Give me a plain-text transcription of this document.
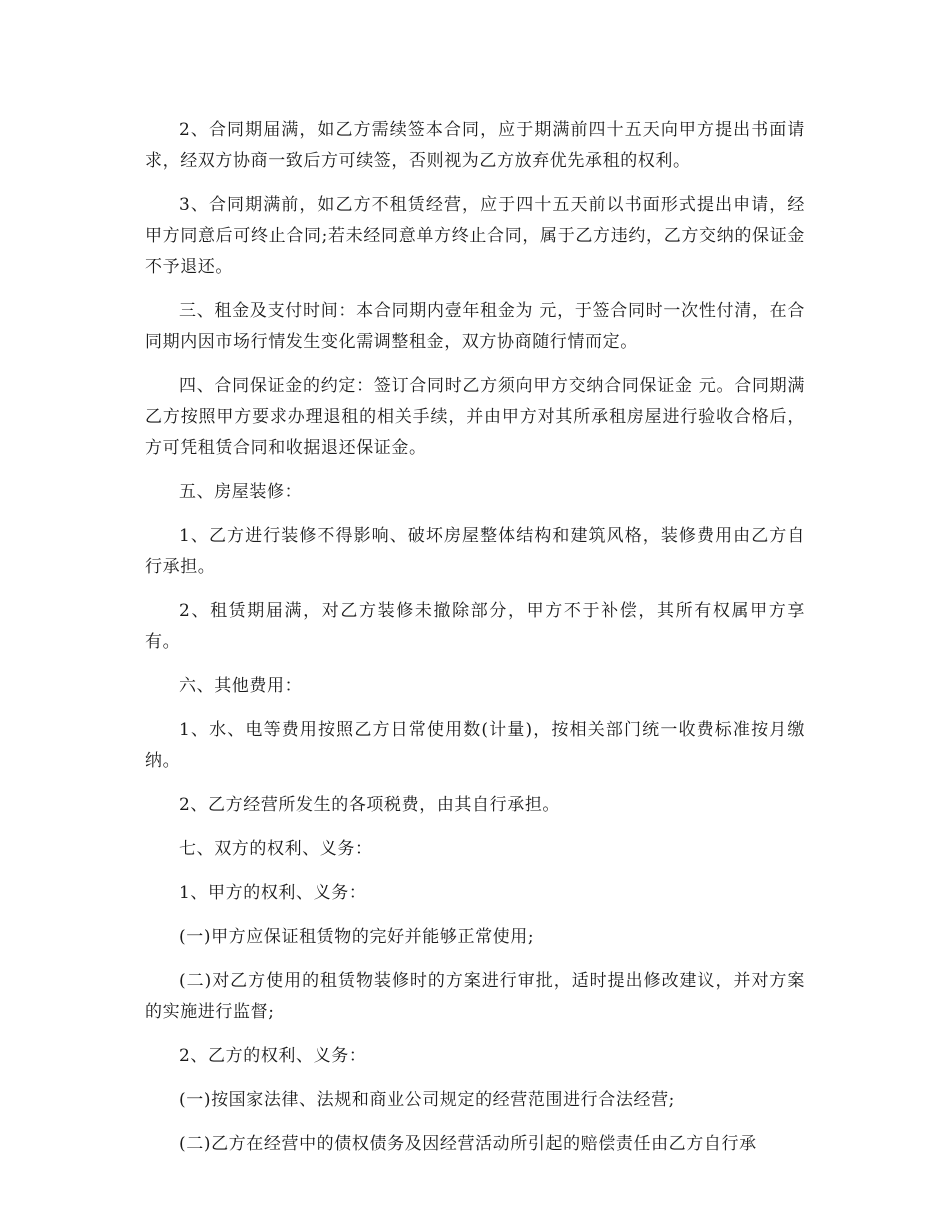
2、合同期届满，如乙方需续签本合同，应于期满前四十五天向甲方提出书面请求，经双方协商一致后方可续签，否则视为乙方放弃优先承租的权利。

3、合同期满前，如乙方不租赁经营，应于四十五天前以书面形式提出申请，经甲方同意后可终止合同;若未经同意单方终止合同，属于乙方违约，乙方交纳的保证金不予退还。

三、租金及支付时间：本合同期内壹年租金为 元，于签合同时一次性付清，在合同期内因市场行情发生变化需调整租金，双方协商随行情而定。

四、合同保证金的约定：签订合同时乙方须向甲方交纳合同保证金 元。合同期满乙方按照甲方要求办理退租的相关手续，并由甲方对其所承租房屋进行验收合格后，方可凭租赁合同和收据退还保证金。

五、房屋装修：

1、乙方进行装修不得影响、破坏房屋整体结构和建筑风格，装修费用由乙方自行承担。

2、租赁期届满，对乙方装修未撤除部分，甲方不于补偿，其所有权属甲方享有。

六、其他费用：

1、水、电等费用按照乙方日常使用数(计量)，按相关部门统一收费标准按月缴纳。

2、乙方经营所发生的各项税费，由其自行承担。

七、双方的权利、义务：

1、甲方的权利、义务：

(一)甲方应保证租赁物的完好并能够正常使用;

(二)对乙方使用的租赁物装修时的方案进行审批，适时提出修改建议，并对方案的实施进行监督;

2、乙方的权利、义务：

(一)按国家法律、法规和商业公司规定的经营范围进行合法经营;

(二)乙方在经营中的债权债务及因经营活动所引起的赔偿责任由乙方自行承
